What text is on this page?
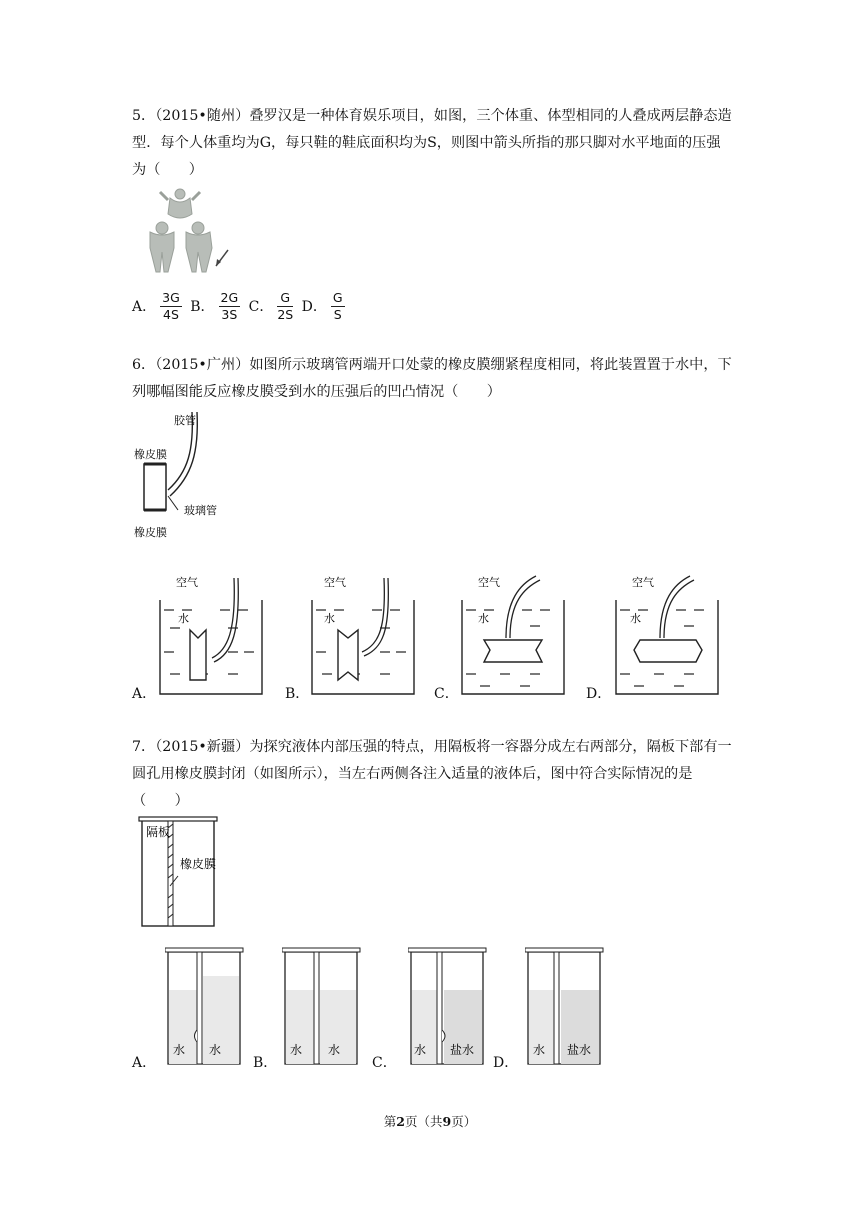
5．（2015•随州）叠罗汉是一种体育娱乐项目，如图，三个体重、体型相同的人叠成两层静态造型．每个人体重均为G，每只鞋的鞋底面积均为S，则图中箭头所指的那只脚对水平地面的压强为（　　）
A． $\frac{3G}{4S}$ B． $\frac{2G}{3S}$ C． $\frac{G}{2S}$ D． $\frac{G}{S}$
6．（2015•广州）如图所示玻璃管两端开口处蒙的橡皮膜绷紧程度相同，将此装置置于水中，下列哪幅图能反应橡皮膜受到水的压强后的凹凸情况（　　）
胶管
橡皮膜
玻璃管
橡皮膜
空气
水
A．
空气
水
B．
空气
水
C．
空气
水
D．
7．（2015•新疆）为探究液体内部压强的特点，用隔板将一容器分成左右两部分，隔板下部有一圆孔用橡皮膜封闭（如图所示），当左右两侧各注入适量的液体后，图中符合实际情况的是（　　）
隔板
橡皮膜
水 水
A．
水 水
B．
水 盐水
C．
水 盐水
D．
第2页（共9页）
